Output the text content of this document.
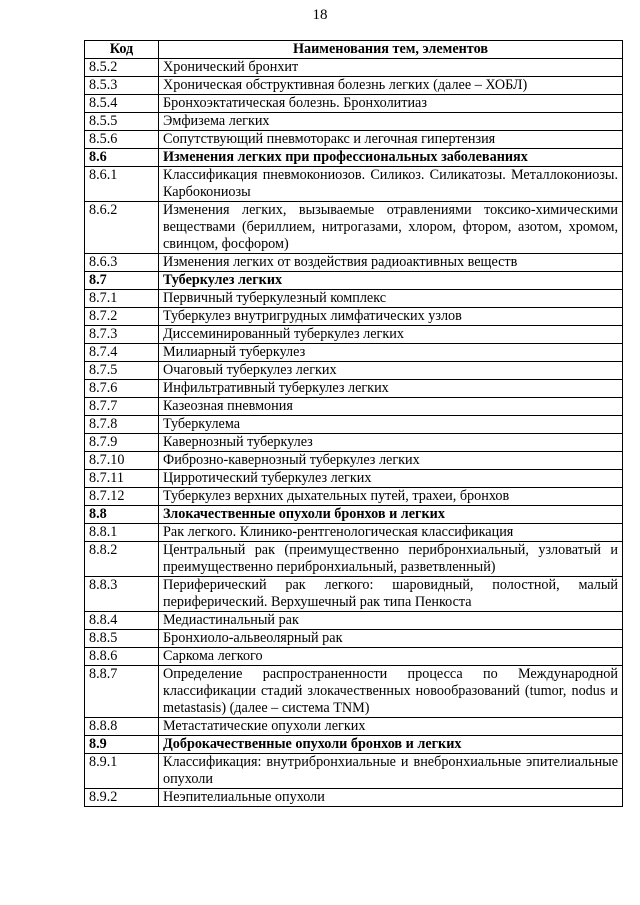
18
Код	Наименования тем, элементов
8.5.2	Хронический бронхит
8.5.3	Хроническая обструктивная болезнь легких (далее – ХОБЛ)
8.5.4	Бронхоэктатическая болезнь. Бронхолитиаз
8.5.5	Эмфизема легких
8.5.6	Сопутствующий пневмоторакс и легочная гипертензия
8.6	Изменения легких при профессиональных заболеваниях
8.6.1	Классификация пневмокониозов. Силикоз. Силикатозы. Металлокониозы. Карбокониозы
8.6.2	Изменения легких, вызываемые отравлениями токсико-химическими веществами (бериллием, нитрогазами, хлором, фтором, азотом, хромом, свинцом, фосфором)
8.6.3	Изменения легких от воздействия радиоактивных веществ
8.7	Туберкулез легких
8.7.1	Первичный туберкулезный комплекс
8.7.2	Туберкулез внутригрудных лимфатических узлов
8.7.3	Диссеминированный туберкулез легких
8.7.4	Милиарный туберкулез
8.7.5	Очаговый туберкулез легких
8.7.6	Инфильтративный туберкулез легких
8.7.7	Казеозная пневмония
8.7.8	Туберкулема
8.7.9	Кавернозный туберкулез
8.7.10	Фиброзно-кавернозный туберкулез легких
8.7.11	Цирротический туберкулез легких
8.7.12	Туберкулез верхних дыхательных путей, трахеи, бронхов
8.8	Злокачественные опухоли бронхов и легких
8.8.1	Рак легкого. Клинико-рентгенологическая классификация
8.8.2	Центральный рак (преимущественно перибронхиальный, узловатый и преимущественно перибронхиальный, разветвленный)
8.8.3	Периферический рак легкого: шаровидный, полостной, малый периферический. Верхушечный рак типа Пенкоста
8.8.4	Медиастинальный рак
8.8.5	Бронхиоло-альвеолярный рак
8.8.6	Саркома легкого
8.8.7	Определение распространенности процесса по Международной классификации стадий злокачественных новообразований (tumor, nodus и metastasis) (далее – система TNM)
8.8.8	Метастатические опухоли легких
8.9	Доброкачественные опухоли бронхов и легких
8.9.1	Классификация: внутрибронхиальные и внебронхиальные эпителиальные опухоли
8.9.2	Неэпителиальные опухоли
